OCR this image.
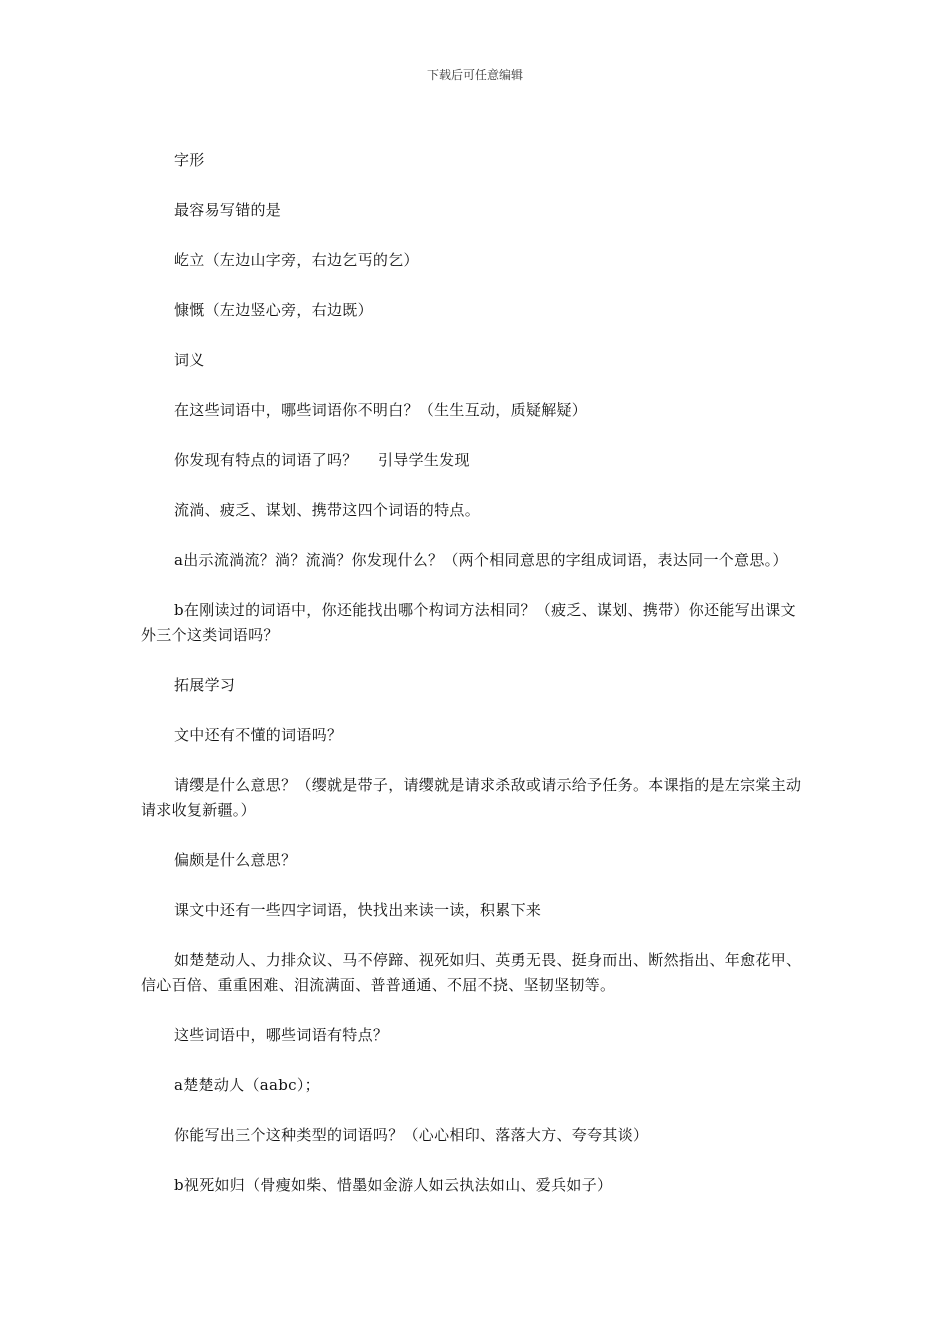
下载后可任意编辑

字形

最容易写错的是

屹立（左边山字旁，右边乞丐的乞）

慷慨（左边竖心旁，右边既）

词义

在这些词语中，哪些词语你不明白？（生生互动，质疑解疑）

你发现有特点的词语了吗？　 引导学生发现

流淌、疲乏、谋划、携带这四个词语的特点。

a出示流淌流？淌？流淌？你发现什么？（两个相同意思的字组成词语，表达同一个意思。）

b在刚读过的词语中，你还能找出哪个构词方法相同？（疲乏、谋划、携带）你还能写出课文外三个这类词语吗？

拓展学习

文中还有不懂的词语吗？

请缨是什么意思？（缨就是带子，请缨就是请求杀敌或请示给予任务。本课指的是左宗棠主动请求收复新疆。）

偏颇是什么意思？

课文中还有一些四字词语，快找出来读一读，积累下来

如楚楚动人、力排众议、马不停蹄、视死如归、英勇无畏、挺身而出、断然指出、年愈花甲、信心百倍、重重困难、泪流满面、普普通通、不屈不挠、坚韧坚韧等。

这些词语中，哪些词语有特点？

a楚楚动人（aabc）；

你能写出三个这种类型的词语吗？（心心相印、落落大方、夸夸其谈）

b视死如归（骨瘦如柴、惜墨如金游人如云执法如山、爱兵如子）
